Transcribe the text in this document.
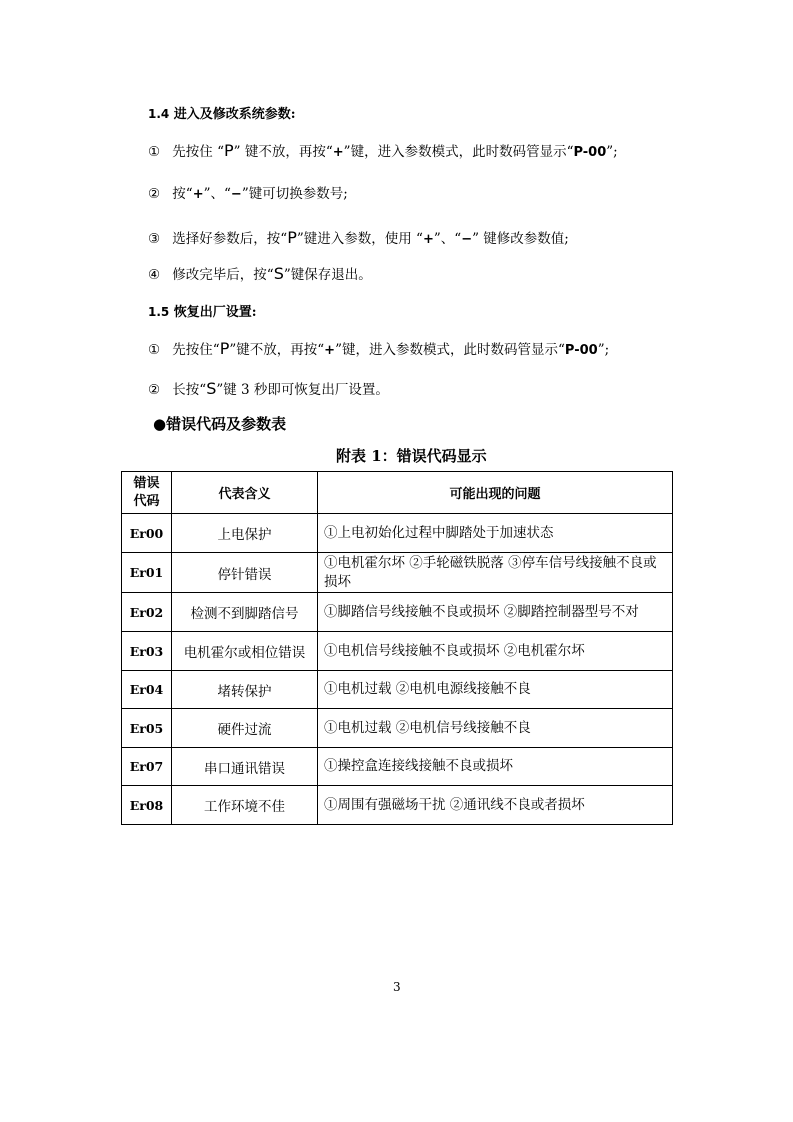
1.4 进入及修改系统参数:
① 先按住 “P” 键不放，再按“+”键，进入参数模式，此时数码管显示“P-00”;
② 按“+”、“−”键可切换参数号;
③ 选择好参数后，按“P”键进入参数，使用 “+”、“−” 键修改参数值;
④ 修改完毕后，按“S”键保存退出。
1.5 恢复出厂设置:
① 先按住“P”键不放，再按“+”键，进入参数模式，此时数码管显示“P-00”;
② 长按“S”键 3 秒即可恢复出厂设置。
●错误代码及参数表
附表 1：错误代码显示
错误代码	代表含义	可能出现的问题
Er00	上电保护	①上电初始化过程中脚踏处于加速状态
Er01	停针错误	①电机霍尔坏 ②手轮磁铁脱落 ③停车信号线接触不良或损坏
Er02	检测不到脚踏信号	①脚踏信号线接触不良或损坏 ②脚踏控制器型号不对
Er03	电机霍尔或相位错误	①电机信号线接触不良或损坏 ②电机霍尔坏
Er04	堵转保护	①电机过载 ②电机电源线接触不良
Er05	硬件过流	①电机过载 ②电机信号线接触不良
Er07	串口通讯错误	①操控盒连接线接触不良或损坏
Er08	工作环境不佳	①周围有强磁场干扰 ②通讯线不良或者损坏
3
